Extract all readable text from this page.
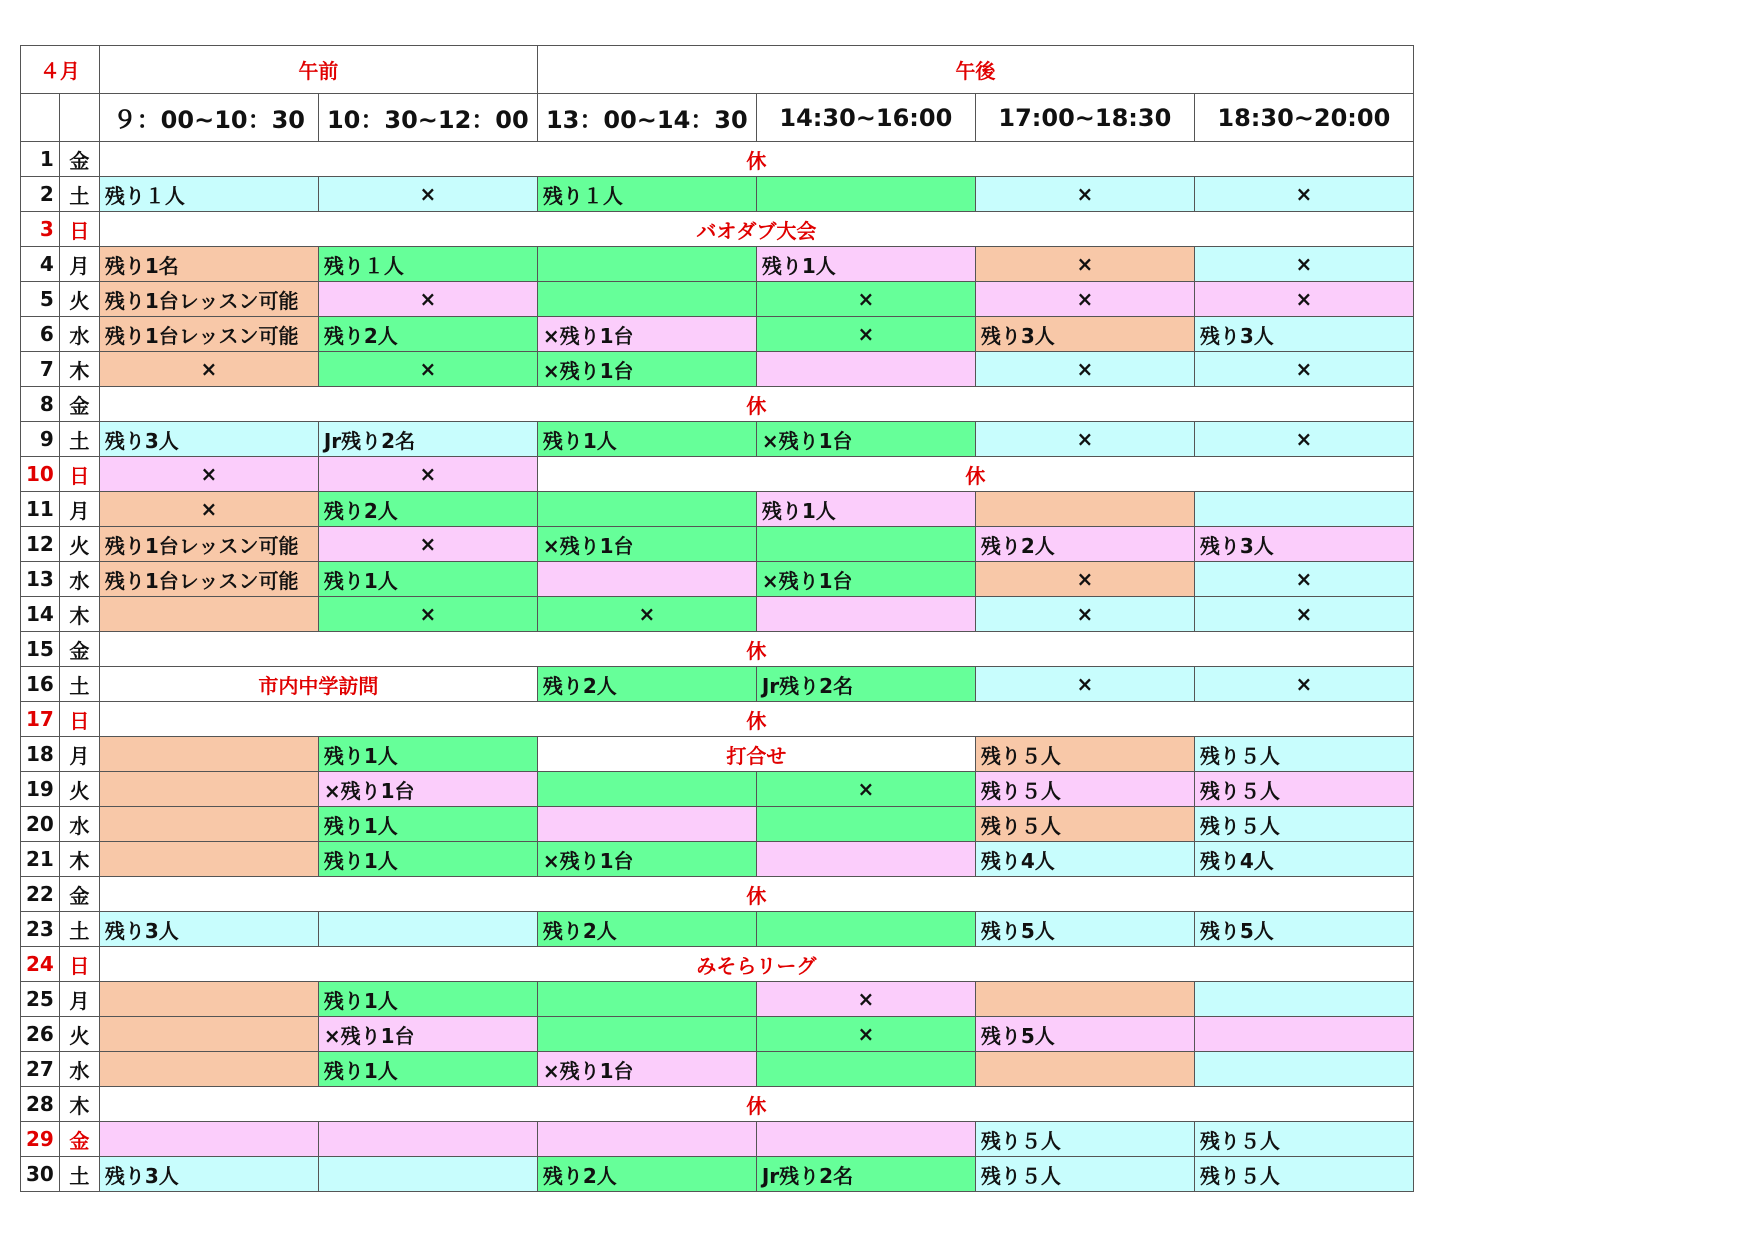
４月		午前		午後			
		９：00~10：30	10：30~12：00	13：00~14：30	14:30~16:00	17:00~18:30	18:30~20:00
1	金	休					
2	土	残り１人	×	残り１人		×	×
3	日	バオダブ大会					
4	月	残り1名	残り１人		残り1人	×	×
5	火	残り1台レッスン可能	×		×	×	×
6	水	残り1台レッスン可能	残り2人	×残り1台	×	残り3人	残り3人
7	木	×	×	×残り1台		×	×
8	金	休					
9	土	残り3人	Jr残り2名	残り1人	×残り1台	×	×
10	日	×	×	休			
11	月	×	残り2人		残り1人		
12	火	残り1台レッスン可能	×	×残り1台		残り2人	残り3人
13	水	残り1台レッスン可能	残り1人		×残り1台	×	×
14	木		×	×		×	×
15	金	休					
16	土	市内中学訪問		残り2人	Jr残り2名	×	×
17	日	休					
18	月		残り1人	打合せ		残り５人	残り５人
19	火		×残り1台		×	残り５人	残り５人
20	水		残り1人			残り５人	残り５人
21	木		残り1人	×残り1台		残り4人	残り4人
22	金	休					
23	土	残り3人		残り2人		残り5人	残り5人
24	日	みそらリーグ					
25	月		残り1人		×		
26	火		×残り1台		×	残り5人	
27	水		残り1人	×残り1台			
28	木	休					
29	金					残り５人	残り５人
30	土	残り3人		残り2人	Jr残り2名	残り５人	残り５人
